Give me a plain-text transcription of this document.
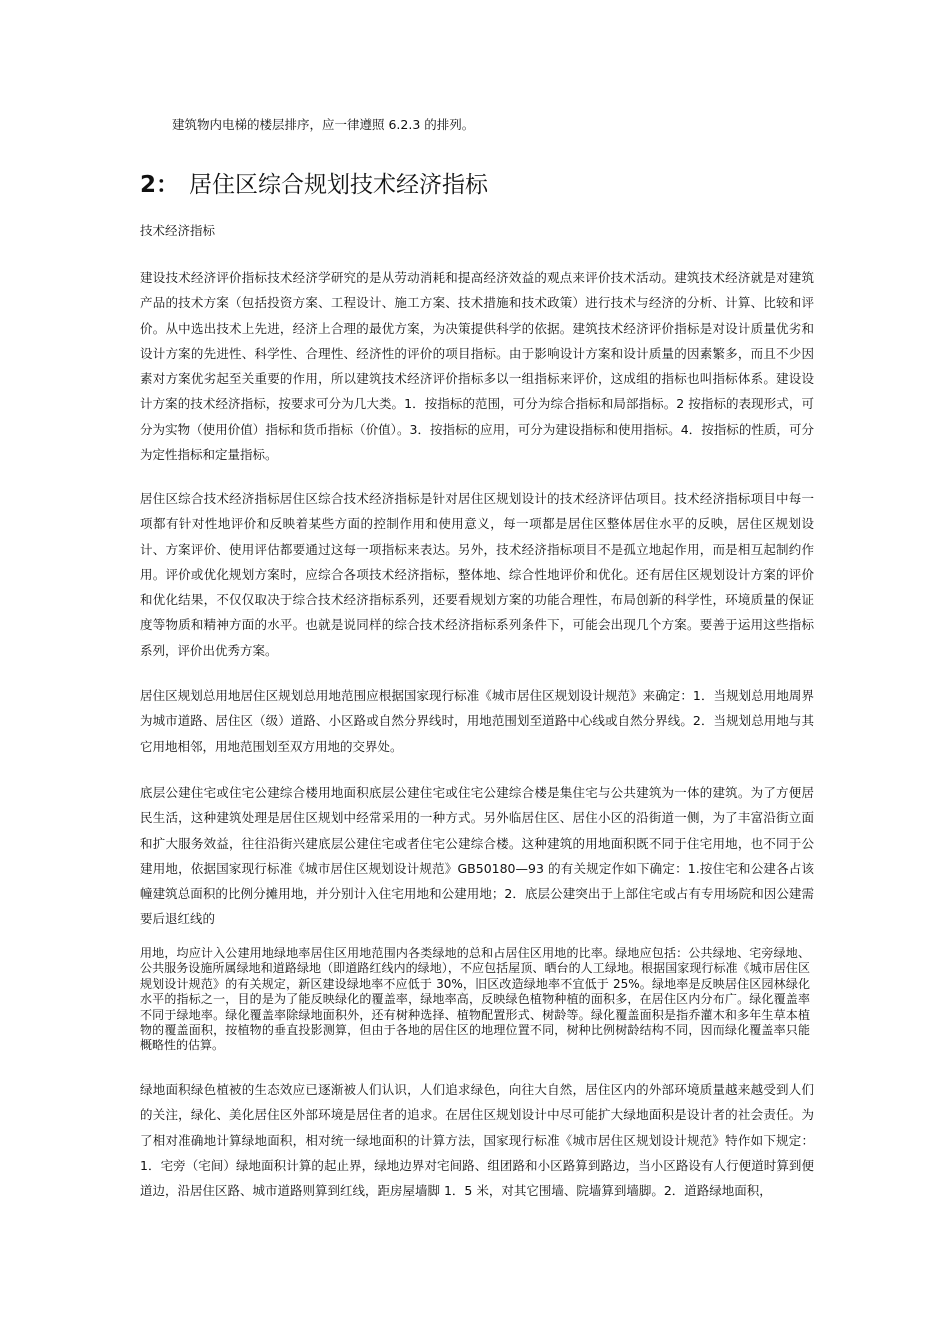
建筑物内电梯的楼层排序，应一律遵照 6.2.3 的排列。
2： 居住区综合规划技术经济指标
技术经济指标

建设技术经济评价指标技术经济学研究的是从劳动消耗和提高经济效益的观点来评价技术活动。建筑技术经济就是对建筑产品的技术方案（包括投资方案、工程设计、施工方案、技术措施和技术政策）进行技术与经济的分析、计算、比较和评价。从中选出技术上先进，经济上合理的最优方案，为决策提供科学的依据。建筑技术经济评价指标是对设计质量优劣和设计方案的先进性、科学性、合理性、经济性的评价的项目指标。由于影响设计方案和设计质量的因素繁多，而且不少因素对方案优劣起至关重要的作用，所以建筑技术经济评价指标多以一组指标来评价，这成组的指标也叫指标体系。建设设计方案的技术经济指标，按要求可分为几大类。1．按指标的范围，可分为综合指标和局部指标。2 按指标的表现形式，可分为实物（使用价值）指标和货币指标（价值）。3．按指标的应用，可分为建设指标和使用指标。4．按指标的性质，可分为定性指标和定量指标。

居住区综合技术经济指标居住区综合技术经济指标是针对居住区规划设计的技术经济评估项目。技术经济指标项目中每一项都有针对性地评价和反映着某些方面的控制作用和使用意义，每一项都是居住区整体居住水平的反映，居住区规划设计、方案评价、使用评估都要通过这每一项指标来表达。另外，技术经济指标项目不是孤立地起作用，而是相互起制约作用。评价或优化规划方案时，应综合各项技术经济指标，整体地、综合性地评价和优化。还有居住区规划设计方案的评价和优化结果，不仅仅取决于综合技术经济指标系列，还要看规划方案的功能合理性，布局创新的科学性，环境质量的保证度等物质和精神方面的水平。也就是说同样的综合技术经济指标系列条件下，可能会出现几个方案。要善于运用这些指标系列，评价出优秀方案。

居住区规划总用地居住区规划总用地范围应根据国家现行标准《城市居住区规划设计规范》来确定：1．当规划总用地周界为城市道路、居住区（级）道路、小区路或自然分界线时，用地范围划至道路中心线或自然分界线。2．当规划总用地与其它用地相邻，用地范围划至双方用地的交界处。

底层公建住宅或住宅公建综合楼用地面积底层公建住宅或住宅公建综合楼是集住宅与公共建筑为一体的建筑。为了方便居民生活，这种建筑处理是居住区规划中经常采用的一种方式。另外临居住区、居住小区的沿街道一侧，为了丰富沿街立面和扩大服务效益，往往沿街兴建底层公建住宅或者住宅公建综合楼。这种建筑的用地面积既不同于住宅用地，也不同于公建用地，依据国家现行标准《城市居住区规划设计规范》GB50180—93 的有关规定作如下确定：1.按住宅和公建各占该幢建筑总面积的比例分摊用地，并分别计入住宅用地和公建用地；2．底层公建突出于上部住宅或占有专用场院和因公建需要后退红线的

用地，均应计入公建用地绿地率居住区用地范围内各类绿地的总和占居住区用地的比率。绿地应包括：公共绿地、宅旁绿地、公共服务设施所属绿地和道路绿地（即道路红线内的绿地），不应包括屋顶、晒台的人工绿地。根据国家现行标准《城市居住区规划设计规范》的有关规定，新区建设绿地率不应低于 30%，旧区改造绿地率不宜低于 25%。绿地率是反映居住区园林绿化水平的指标之一，目的是为了能反映绿化的覆盖率，绿地率高，反映绿色植物种植的面积多，在居住区内分布广。绿化覆盖率不同于绿地率。绿化覆盖率除绿地面积外，还有树种选择、植物配置形式、树龄等。绿化覆盖面积是指乔灌木和多年生草本植物的覆盖面积，按植物的垂直投影测算，但由于各地的居住区的地理位置不同，树种比例树龄结构不同，因而绿化覆盖率只能概略性的估算。

绿地面积绿色植被的生态效应已逐渐被人们认识，人们追求绿色，向往大自然，居住区内的外部环境质量越来越受到人们的关注，绿化、美化居住区外部环境是居住者的追求。在居住区规划设计中尽可能扩大绿地面积是设计者的社会责任。为了相对准确地计算绿地面积，相对统一绿地面积的计算方法，国家现行标准《城市居住区规划设计规范》特作如下规定：1．宅旁（宅间）绿地面积计算的起止界，绿地边界对宅间路、组团路和小区路算到路边，当小区路设有人行便道时算到便道边，沿居住区路、城市道路则算到红线，距房屋墙脚 1．5 米，对其它围墙、院墙算到墙脚。2．道路绿地面积，
